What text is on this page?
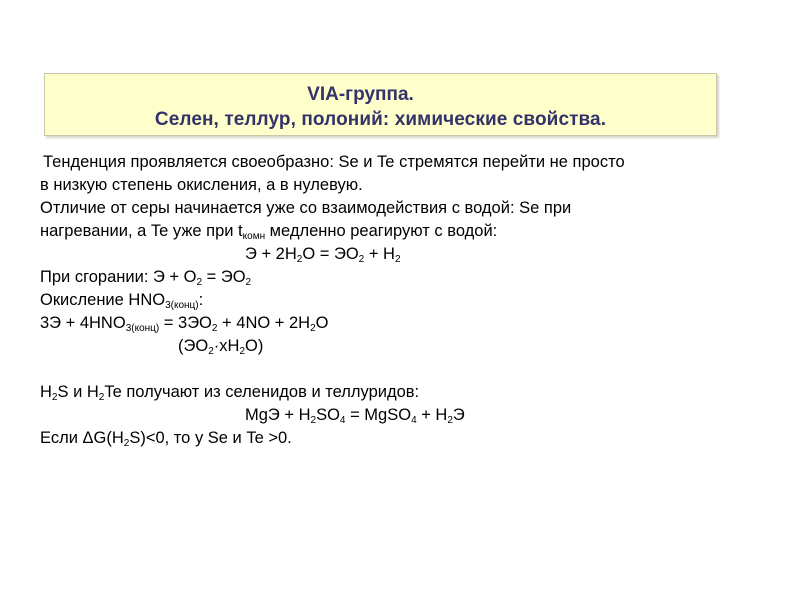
VIA-группа.
Селен, теллур, полоний: химические свойства.

Тенденция проявляется своеобразно: Se и Te стремятся перейти не просто

в низкую степень окисления, а в нулевую.

Отличие от серы начинается уже со взаимодействия с водой: Se при

нагревании, а Te уже при $t_{комн}$ медленно реагируют с водой:

$Э + 2H_2O = ЭO_2 + H_2$

При сгорании: $Э + O_2 = ЭO_2$

Окисление $HNO_{3(конц)}$:

$3Э + 4HNO_{3(конц)} = 3ЭO_2 + 4NO + 2H_2O$

$(ЭO_2\cdot xH_2O)$

$H_2S$ и $H_2Te$ получают из селенидов и теллуридов:

MgЭ + $H_2SO_4$ = MgSO$_4$ + $H_2Э$

Если $\Delta G(H_2S)<0$, то у Se и Te >0.
